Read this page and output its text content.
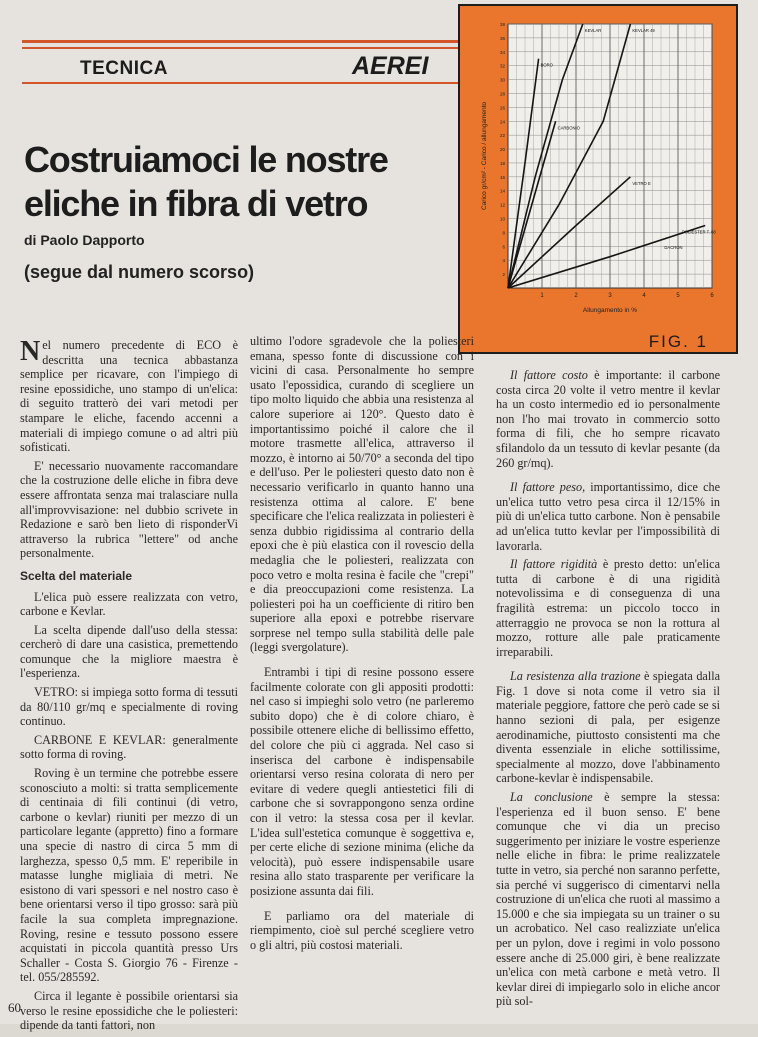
TECNICA	AEREI
Costruiamoci le nostre eliche in fibra di vetro
di Paolo Dapporto
(segue dal numero scorso)	2
4
6
8
10
12
14
16
18
20
22
24
26
28
30
32
34
36
38
1	2	3	4	5	6
Allungamento in %
Carico gr/cm² - Carico / allungamento
KEVLAR	KEVLAR 49
BORO
CARBONIO
VETRO E
POLIESTER T. 68
DACRON
FIG. 1

Nel numero precedente di ECO è descritta una tecnica abbastanza semplice per ricavare, con l'impiego di resine epossidiche, uno stampo di un'elica: di seguito tratterò dei vari metodi per stampare le eliche, facendo accenni a materiali di impiego comune o ad altri più sofisticati.

E' necessario nuovamente raccomandare che la costruzione delle eliche in fibra deve essere affrontata senza mai tralasciare nulla all'improvvisazione: nel dubbio scrivete in Redazione e sarò ben lieto di risponderVi attraverso la rubrica "lettere" od anche personalmente.

Scelta del materiale

L'elica può essere realizzata con vetro, carbone e Kevlar.

La scelta dipende dall'uso della stessa: cercherò di dare una casistica, premettendo comunque che la migliore maestra è l'esperienza.

VETRO: si impiega sotto forma di tessuti da 80/110 gr/mq e specialmente di roving continuo.

CARBONE E KEVLAR: generalmente sotto forma di roving.

Roving è un termine che potrebbe essere sconosciuto a molti: si tratta semplicemente di centinaia di fili continui (di vetro, carbone o kevlar) riuniti per mezzo di un particolare legante (appretto) fino a formare una specie di nastro di circa 5 mm di larghezza, spesso 0,5 mm. E' reperibile in matasse lunghe migliaia di metri. Ne esistono di vari spessori e nel nostro caso è bene orientarsi verso il tipo grosso: sarà più facile la sua completa impregnazione. Roving, resine e tessuto possono essere acquistati in piccola quantità presso Urs Schaller - Costa S. Giorgio 76 - Firenze - tel. 055/285592.

Circa il legante è possibile orientarsi sia verso le resine epossidiche che le poliesteri: dipende da tanti fattori, non

ultimo l'odore sgradevole che la poliesteri emana, spesso fonte di discussione con i vicini di casa. Personalmente ho sempre usato l'epossidica, curando di scegliere un tipo molto liquido che abbia una resistenza al calore superiore ai 120°. Questo dato è importantissimo poiché il calore che il motore trasmette all'elica, attraverso il mozzo, è intorno ai 50/70° a seconda del tipo e dell'uso. Per le poliesteri questo dato non è necessario verificarlo in quanto hanno una resistenza ottima al calore. E' bene specificare che l'elica realizzata in poliesteri è senza dubbio rigidissima al contrario della epoxi che è più elastica con il rovescio della medaglia che le poliesteri, realizzata con poco vetro e molta resina è facile che "crepi" e dia preoccupazioni come resistenza. La poliesteri poi ha un coefficiente di ritiro ben superiore alla epoxi e potrebbe riservare sorprese nel tempo sulla stabilità delle pale (leggi svergolature).

Entrambi i tipi di resine possono essere facilmente colorate con gli appositi prodotti: nel caso si impieghi solo vetro (ne parleremo subito dopo) che è di colore chiaro, è possibile ottenere eliche di bellissimo effetto, del colore che più ci aggrada. Nel caso si inserisca del carbone è indispensabile orientarsi verso resina colorata di nero per evitare di vedere quegli antiestetici fili di carbone che si sovrappongono senza ordine con il vetro: la stessa cosa per il kevlar. L'idea sull'estetica comunque è soggettiva e, per certe eliche di sezione minima (eliche da velocità), può essere indispensabile usare resina allo stato trasparente per verificare la posizione assunta dai fili.

E parliamo ora del materiale di riempimento, cioè sul perché scegliere vetro o gli altri, più costosi materiali.

Il fattore costo è importante: il carbone costa circa 20 volte il vetro mentre il kevlar ha un costo intermedio ed io personalmente non l'ho mai trovato in commercio sotto forma di fili, che ho sempre ricavato sfilandolo da un tessuto di kevlar pesante (da 260 gr/mq).

Il fattore peso, importantissimo, dice che un'elica tutto vetro pesa circa il 12/15% in più di un'elica tutto carbone. Non è pensabile ad un'elica tutto kevlar per l'impossibilità di lavorarla.

Il fattore rigidità è presto detto: un'elica tutta di carbone è di una rigidità notevolissima e di conseguenza di una fragilità estrema: un piccolo tocco in atterraggio ne provoca se non la rottura al mozzo, rotture alle pale praticamente irreparabili.

La resistenza alla trazione è spiegata dalla Fig. 1 dove si nota come il vetro sia il materiale peggiore, fattore che però cade se si hanno sezioni di pala, per esigenze aerodinamiche, piuttosto consistenti ma che diventa essenziale in eliche sottilissime, specialmente al mozzo, dove l'abbinamento carbone-kevlar è indispensabile.

La conclusione è sempre la stessa: l'esperienza ed il buon senso. E' bene comunque che vi dia un preciso suggerimento per iniziare le vostre esperienze nelle eliche in fibra: le prime realizzatele tutte in vetro, sia perché non saranno perfette, sia perché vi suggerisco di cimentarvi nella costruzione di un'elica che ruoti al massimo a 15.000 e che sia impiegata su un trainer o su un acrobatico. Nel caso realizziate un'elica per un pylon, dove i regimi in volo possono essere anche di 25.000 giri, è bene realizzate un'elica con metà carbone e metà vetro. Il kevlar direi di impiegarlo solo in eliche ancor più sol-

60
